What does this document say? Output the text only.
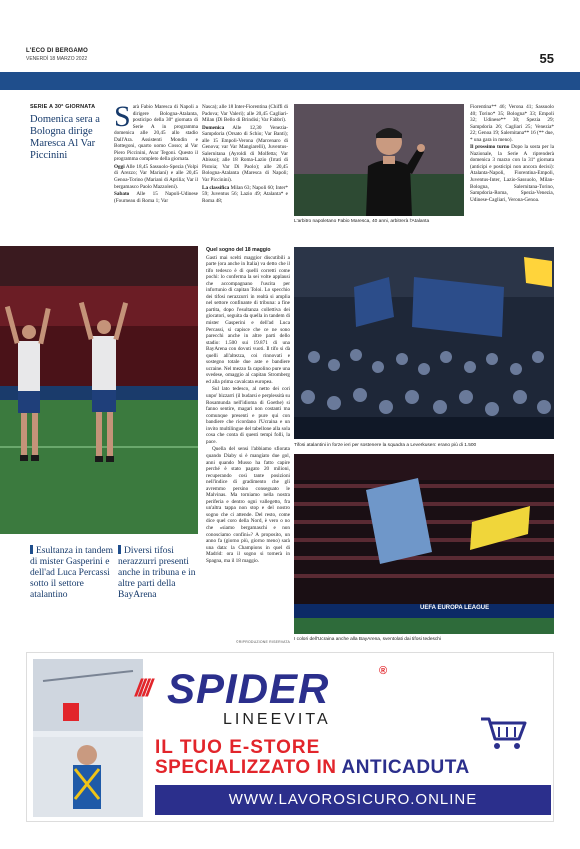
L'ECO DI BERGAMO
VENERDÌ 18 MARZO 2022	55
SERIE A 30ª GIORNATA
Domenica sera a Bologna dirige Maresca Al Var Piccinini
S arà Fabio Maresca di Napoli a dirigere Bologna-Atalanta, posticipo della 30ª giornata di Serie A in programma domenica alle 20,45 allo stadio Dall'Ara. Assistenti Mondin e Bottegoni, quarto uomo Cosso; al Var Piero Piccinini, Avar Tegoni. Questo il programma completo della giornata.

Oggi Alle 18,45 Sassuolo-Spezia (Volpi di Arezzo; Var Mariani) e alle 20,45 Genoa-Torino (Mariani di Aprilia; Var il bergamasco Paolo Mazzoleni).

Sabato Alle 15 Napoli-Udinese (Fourneau di Roma 1; Var

Nasca); alle 18 Inter-Fiorentina (Chiffi di Padova; Var Valeri); alle 20,45 Cagliari-Milan (Di Bello di Brindisi; Var Fabbri).

Domenica Alle 12,30 Venezia-Sampdoria (Orsato di Schio; Var Banti); alle 15 Empoli-Verona (Marcenaro di Genova; var Var Mangiarelli), Juventus-Salernitana (Ayroldi di Molfetta; Var Abisso); alle 18 Roma-Lazio (Irrati di Pistoia; Var Di Paolo); alle 20,45 Bologna-Atalanta (Maresca di Napoli; Var Piccinini).

La classifica Milan 63; Napoli 60; Inter* 59; Juventus 56; Lazio 49; Atalanta* e Roma 48;

L'arbitro napoletano Fabio Maresca, 40 anni, arbitrerà l'Atalanta

Fiorentina** 46; Verona 41; Sassuolo 40; Torino* 35; Bologna* 33; Empoli 32; Udinese** 30; Spezia 29; Sampdoria 26; Cagliari 25; Venezia* 22; Genoa 19; Salernitana** 16 (** due, * una gara in meno).

Il prossimo turno Dopo la sosta per la Nazionale, la Serie A riprenderà domenica 3 marzo con la 31ª giornata (anticipi e posticipi non ancora decisi): Atalanta-Napoli, Fiorentina-Empoli, Juventus-Inter, Lazio-Sassuolo, Milan-Bologna, Salernitana-Torino, Sampdoria-Roma, Spezia-Venezia, Udinese-Cagliari, Verona-Genoa.

Esultanza in tandem di mister Gasperini e dell'ad Luca Percassi sotto il settore atalantino
Diversi tifosi nerazzurri presenti anche in tribuna e in altre parti della BayArena

Quel sogno del 18 maggio

Gasti mai scelti maggior discutibili a parte (ora anche in Italia) va detto che il tifo tedesco è di quelli corretti come pochi: lo conferma la sei volte applausi che accompagnano l'uscita per infortunio di capitan Toloi. Lo specchio dei tifosi nerazzurri in realtà si amplia nel settore confinante di tribuna: a fine partita, dopo l'esultanza collettiva dei giocatori, seguita da quella in tandem di mister Gasperini e dell'ad Luca Percassi, si capisce che ce ne sono parecchi anche in altre parti dello stadio: 1.500 sui 19.871 di una BayArena con dovuti vuoti. Il tifo si dà quelli all'altezza, coi rinnovati e sostegno totale due aste e bandiere ucraine. Nel mezzo fa capolino pure una svedese, omaggio al capitan Stromberg ed alla prima cavalcata europea.

Sul lato tedesco, al netto dei cori unpo' bizzarri (il budarsi e perplessità su Rosamunda nell'idioma di Goethe) si fanno sentire, magari non costanti ma comunque presenti e pure qui con bandiere che ricordano l'Ucraina e un invito multilingue del tabellone alla sola cosa che conta di questi tempi folli, la pace.

Quella del sensi l'abbiamo sfiorata quando Diaby si è mangiato due gol, anni quando Musso ha fatto capire perché è stato pagato 20 milioni, recuperando così tante posizioni nell'indice di gradimento che gli avremmo persino conseguato le Malvinas. Ma torniamo nella nostra periferia e dentro ogni vallegetto, fra un'altra tappa non stop e del nostro sogno che ci attende. Del resto, come dice quel coro della Nord, è vero o no che «siamo bergamaschi e non conosciamo confini»? A proposito, un anno fa (giorno più, giorno meno) sarà una data: la Champions in quel di Madrid: ora il sogno si tornerà in Spagna, ma il 18 maggio.

©RIPRODUZIONE RISERVATA
Tifosi atalantini in forze ieri per sostenere la squadra a Leverkusen: erano più di 1.500
UEFA EUROPA LEAGUE
I colori dell'Ucraina anche alla BayArena, sventolati dai tifosi tedeschi
//// SPIDER	®
LINEEVITA
IL TUO E-STORE
SPECIALIZZATO IN ANTICADUTA
WWW.LAVOROSICURO.ONLINE
